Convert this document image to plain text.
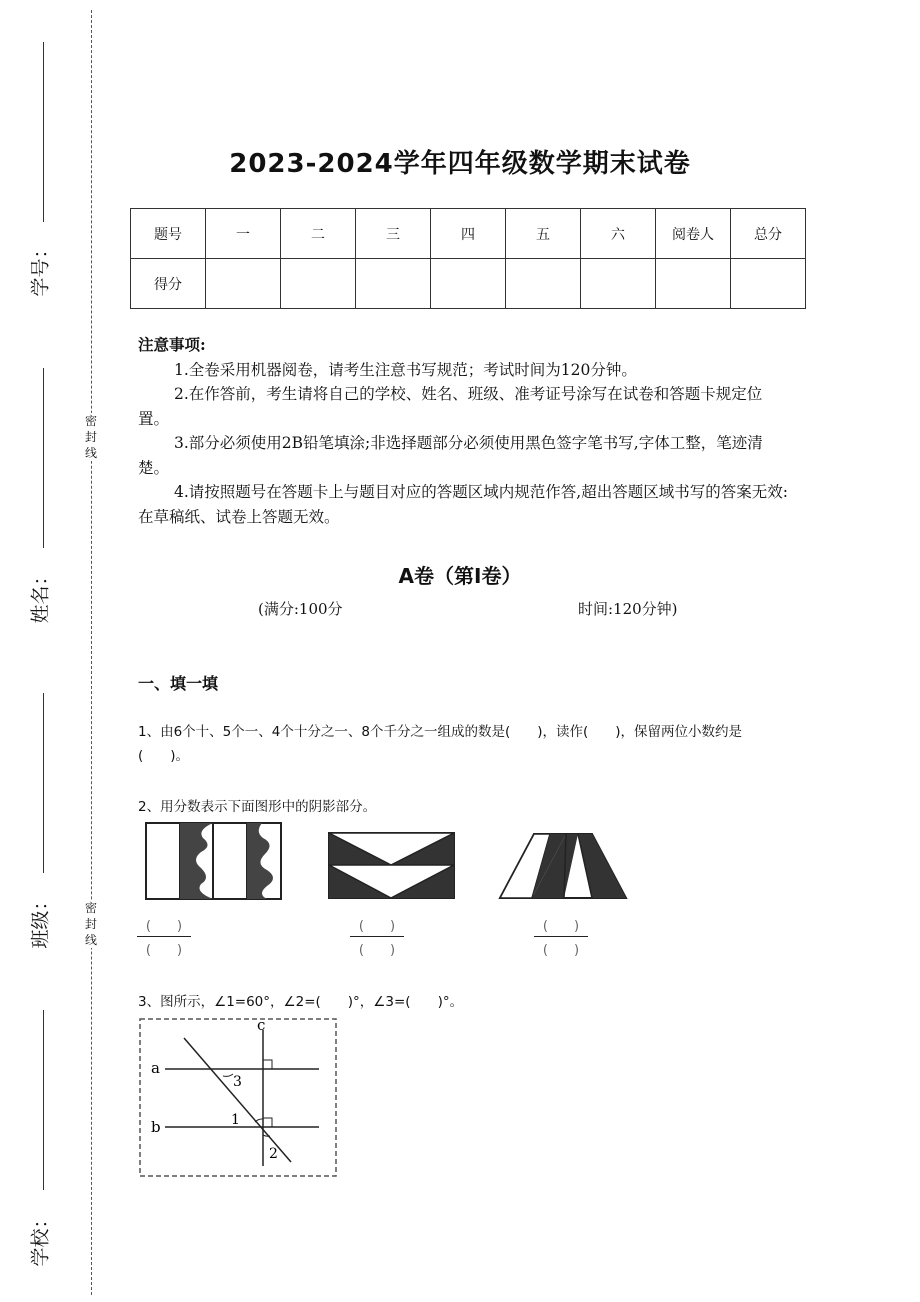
学号：
姓名：
班级：
学校：
密
封
线
密
封
线
2023-2024学年四年级数学期末试卷
题号	一	二	三	四	五	六	阅卷人	总分
得分								
注意事项:
1.全卷采用机器阅卷，请考生注意书写规范；考试时间为120分钟。
2.在作答前，考生请将自己的学校、姓名、班级、准考证号涂写在试卷和答题卡规定位置。
3.部分必须使用2B铅笔填涂;非选择题部分必须使用黑色签字笔书写,字体工整，笔迹清楚。
4.请按照题号在答题卡上与题目对应的答题区域内规范作答,超出答题区域书写的答案无效:在草稿纸、试卷上答题无效。
A卷（第I卷）
(满分:100分	时间:120分钟)
一、填一填
1、由6个十、5个一、4个十分之一、8个千分之一组成的数是(　　)，读作(　　)，保留两位小数约是(　　)。
2、用分数表示下面图形中的阴影部分。
(　　)
(　　)
(　　)
(　　)
(　　)
(　　)
3、图所示，∠1=60°，∠2=(　　)°，∠3=(　　)°。
a
b
c
3
1
2
